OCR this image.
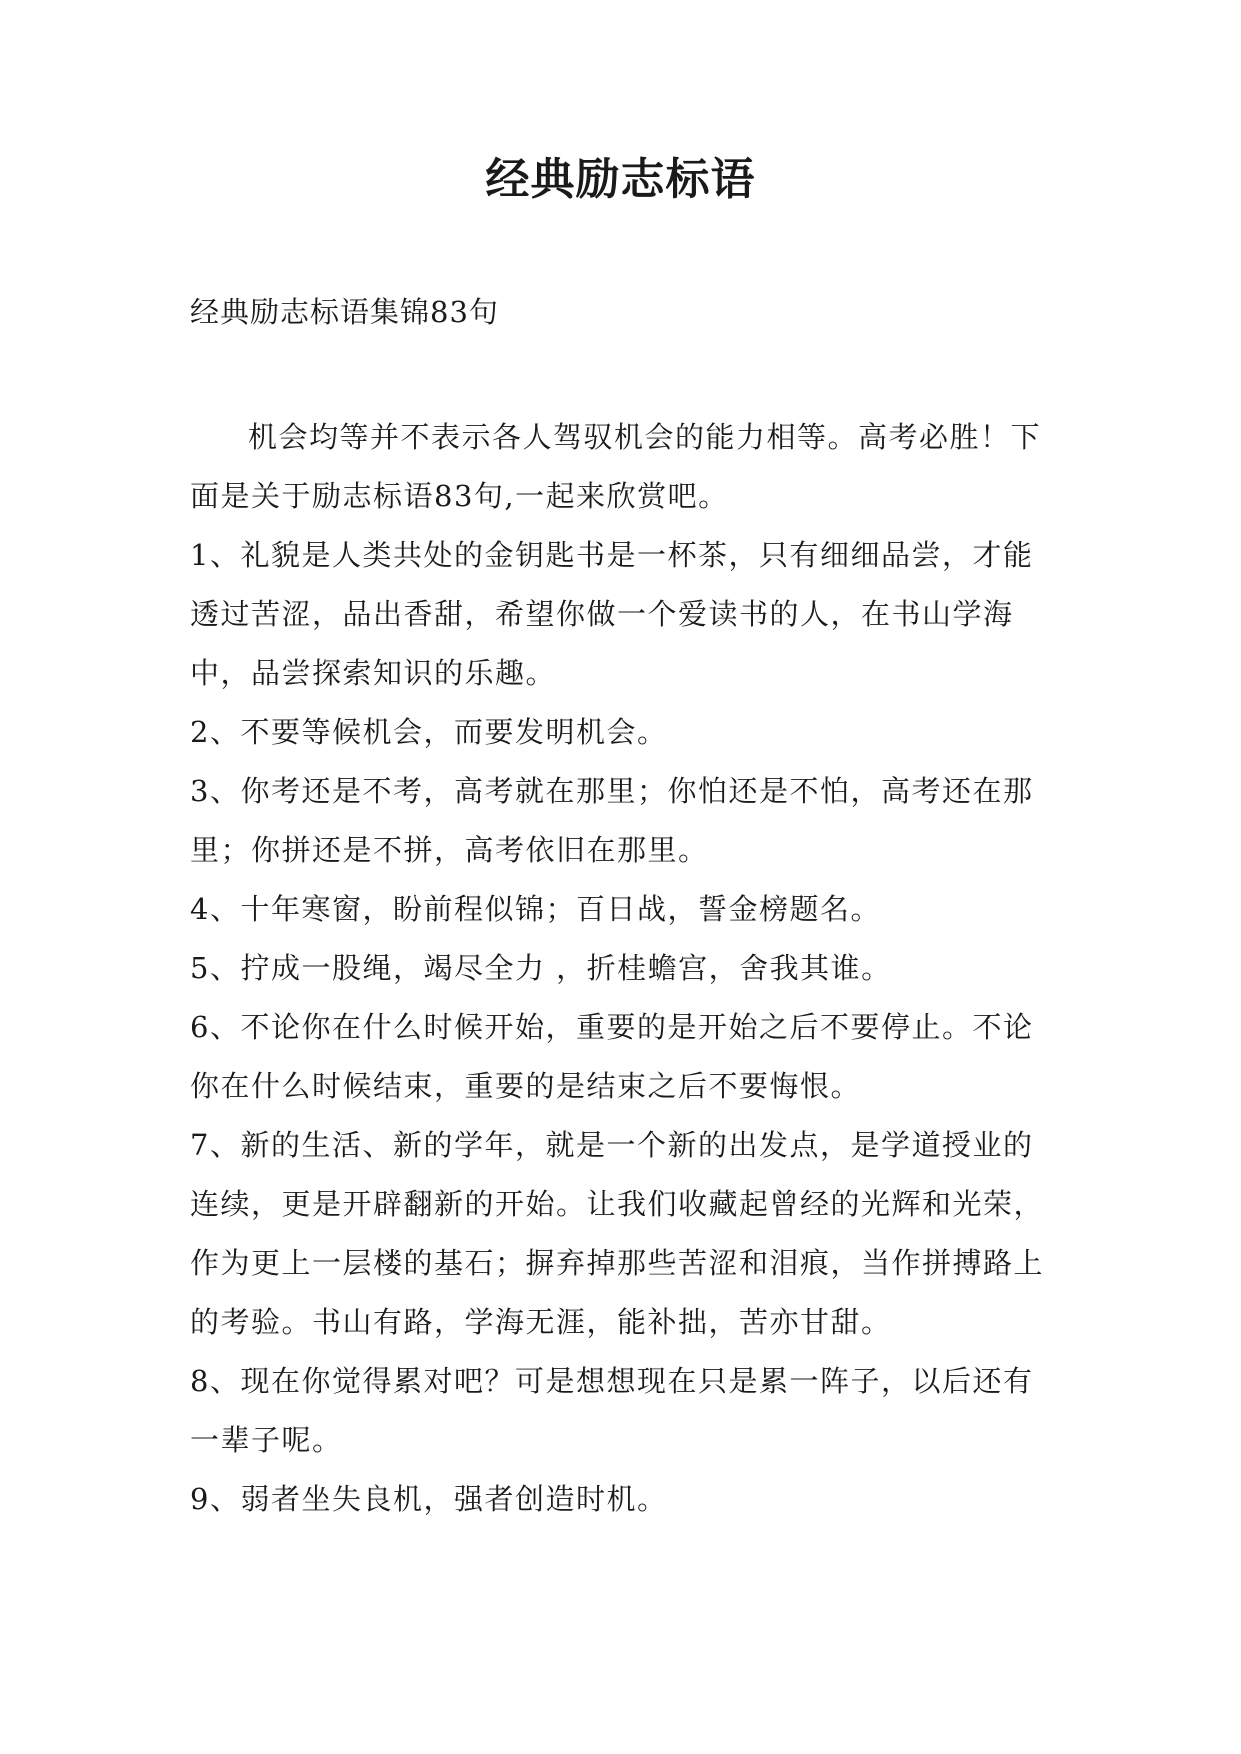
经典励志标语
经典励志标语集锦83句

机会均等并不表示各人驾驭机会的能力相等。高考必胜！下面是关于励志标语83句,一起来欣赏吧。

1、礼貌是人类共处的金钥匙书是一杯茶，只有细细品尝，才能透过苦涩，品出香甜，希望你做一个爱读书的人，在书山学海中，品尝探索知识的乐趣。

2、不要等候机会，而要发明机会。

3、你考还是不考，高考就在那里；你怕还是不怕，高考还在那里；你拼还是不拼，高考依旧在那里。

4、十年寒窗，盼前程似锦；百日战，誓金榜题名。

5、拧成一股绳，竭尽全力 ，折桂蟾宫，舍我其谁。

6、不论你在什么时候开始，重要的是开始之后不要停止。不论你在什么时候结束，重要的是结束之后不要悔恨。

7、新的生活、新的学年，就是一个新的出发点，是学道授业的连续，更是开辟翻新的开始。让我们收藏起曾经的光辉和光荣，作为更上一层楼的基石；摒弃掉那些苦涩和泪痕，当作拼搏路上的考验。书山有路，学海无涯，能补拙，苦亦甘甜。

8、现在你觉得累对吧？可是想想现在只是累一阵子，以后还有一辈子呢。

9、弱者坐失良机，强者创造时机。
